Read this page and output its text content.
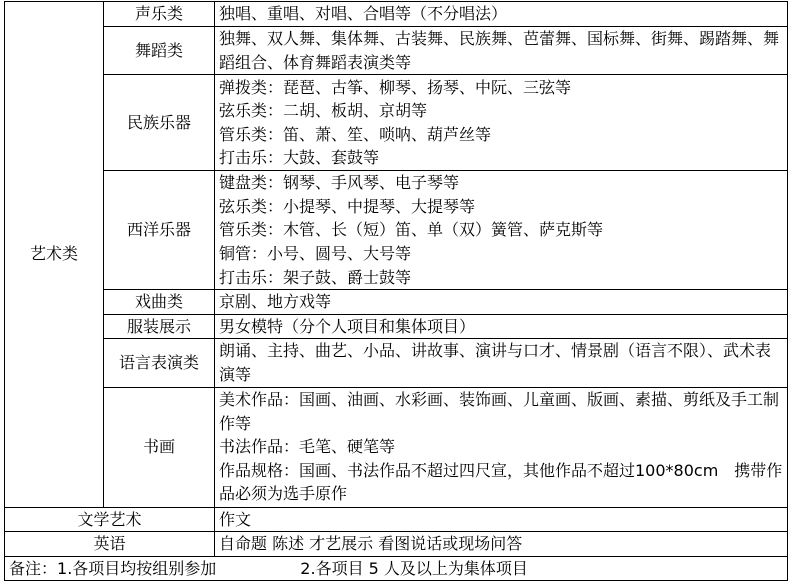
艺术类	声乐类	独唱、重唱、对唱、合唱等（不分唱法）

	舞蹈类	独舞、双人舞、集体舞、古装舞、民族舞、芭蕾舞、国标舞、街舞、踢踏舞、舞蹈组合、体育舞蹈表演类等
	民族乐器	弹拨类：琵琶、古筝、柳琴、扬琴、中阮、三弦等
弦乐类：二胡、板胡、京胡等
管乐类：笛、萧、笙、唢呐、葫芦丝等
打击乐：大鼓、套鼓等

	西洋乐器	键盘类：钢琴、手风琴、电子琴等
弦乐类：小提琴、中提琴、大提琴等
管乐类：木管、长（短）笛、单（双）簧管、萨克斯等
铜管：小号、圆号、大号等
打击乐：架子鼓、爵士鼓等

	戏曲类	京剧、地方戏等

	服装展示	男女模特（分个人项目和集体项目）

	语言表演类	朗诵、主持、曲艺、小品、讲故事、演讲与口才、情景剧（语言不限）、武术表演等
	书画	美术作品：国画、油画、水彩画、装饰画、儿童画、版画、素描、剪纸及手工制作等
书法作品：毛笔、硬笔等
作品规格：国画、书法作品不超过四尺宣，其他作品不超过100*80cm　携带作品必须为选手原作

文学艺术		作文
英语		自命题 陈述 才艺展示 看图说话或现场问答
备注：1.各项目均按组别参加 2.各项目 5 人及以上为集体项目		
